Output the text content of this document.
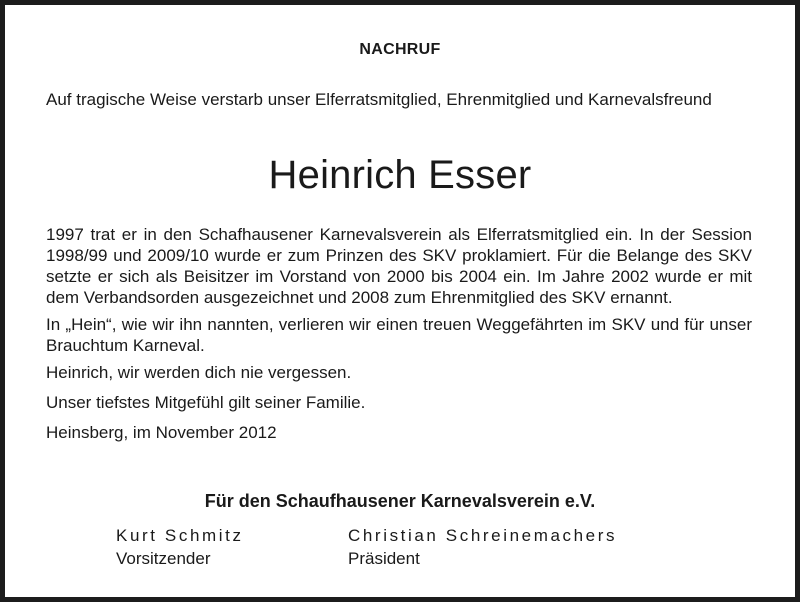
NACHRUF
Auf tragische Weise verstarb unser Elferratsmitglied, Ehrenmitglied und Karnevalsfreund
Heinrich Esser

1997 trat er in den Schafhausener Karnevalsverein als Elferratsmitglied ein. In der Session 1998/99 und 2009/10 wurde er zum Prinzen des SKV proklamiert. Für die Belange des SKV setzte er sich als Beisitzer im Vorstand von 2000 bis 2004 ein. Im Jahre 2002 wurde er mit dem Verbandsorden ausgezeichnet und 2008 zum Ehrenmitglied des SKV ernannt.

In „Hein“, wie wir ihn nannten, verlieren wir einen treuen Weggefährten im SKV und für unser Brauchtum Karneval.

Heinrich, wir werden dich nie vergessen.

Unser tiefstes Mitgefühl gilt seiner Familie.

Heinsberg, im November 2012

Für den Schaufhausener Karnevalsverein e.V.
Kurt Schmitz
Vorsitzender
Christian Schreinemachers
Präsident
